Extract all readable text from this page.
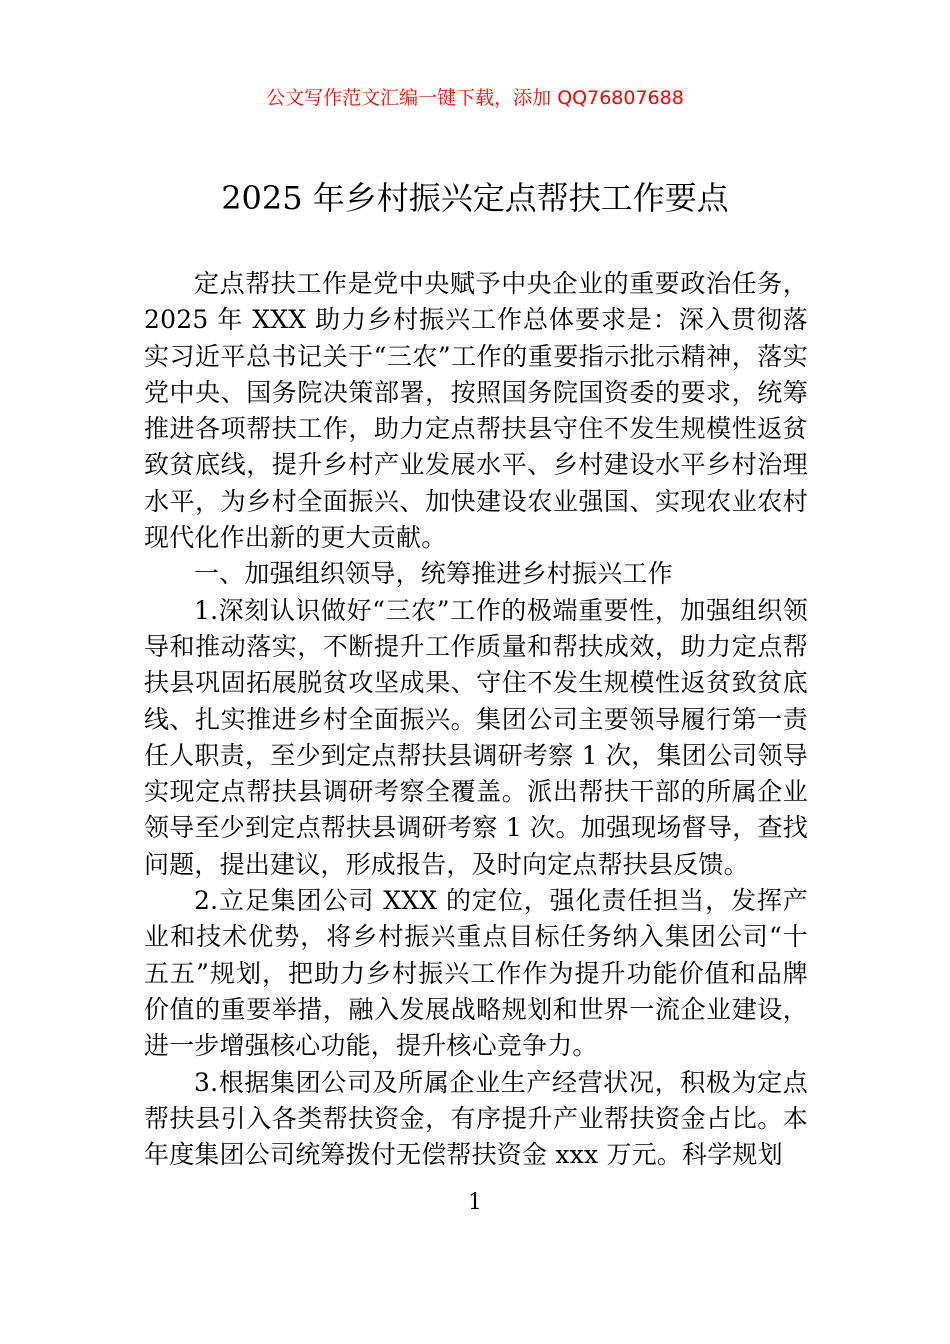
公文写作范文汇编一键下载，添加 QQ76807688
2025 年乡村振兴定点帮扶工作要点

定点帮扶工作是党中央赋予中央企业的重要政治任务，2025 年 XXX 助力乡村振兴工作总体要求是：深入贯彻落实习近平总书记关于“三农”工作的重要指示批示精神，落实党中央、国务院决策部署，按照国务院国资委的要求，统筹推进各项帮扶工作，助力定点帮扶县守住不发生规模性返贫致贫底线，提升乡村产业发展水平、乡村建设水平乡村治理水平，为乡村全面振兴、加快建设农业强国、实现农业农村现代化作出新的更大贡献。

一、加强组织领导，统筹推进乡村振兴工作

1.深刻认识做好“三农”工作的极端重要性，加强组织领导和推动落实，不断提升工作质量和帮扶成效，助力定点帮扶县巩固拓展脱贫攻坚成果、守住不发生规模性返贫致贫底线、扎实推进乡村全面振兴。集团公司主要领导履行第一责任人职责，至少到定点帮扶县调研考察 1 次，集团公司领导实现定点帮扶县调研考察全覆盖。派出帮扶干部的所属企业领导至少到定点帮扶县调研考察 1 次。加强现场督导，查找问题，提出建议，形成报告，及时向定点帮扶县反馈。

2.立足集团公司 XXX 的定位，强化责任担当，发挥产业和技术优势，将乡村振兴重点目标任务纳入集团公司“十五五”规划，把助力乡村振兴工作作为提升功能价值和品牌价值的重要举措，融入发展战略规划和世界一流企业建设，进一步增强核心功能，提升核心竞争力。

3.根据集团公司及所属企业生产经营状况，积极为定点帮扶县引入各类帮扶资金，有序提升产业帮扶资金占比。本年度集团公司统筹拨付无偿帮扶资金 xxx 万元。科学规划

1
